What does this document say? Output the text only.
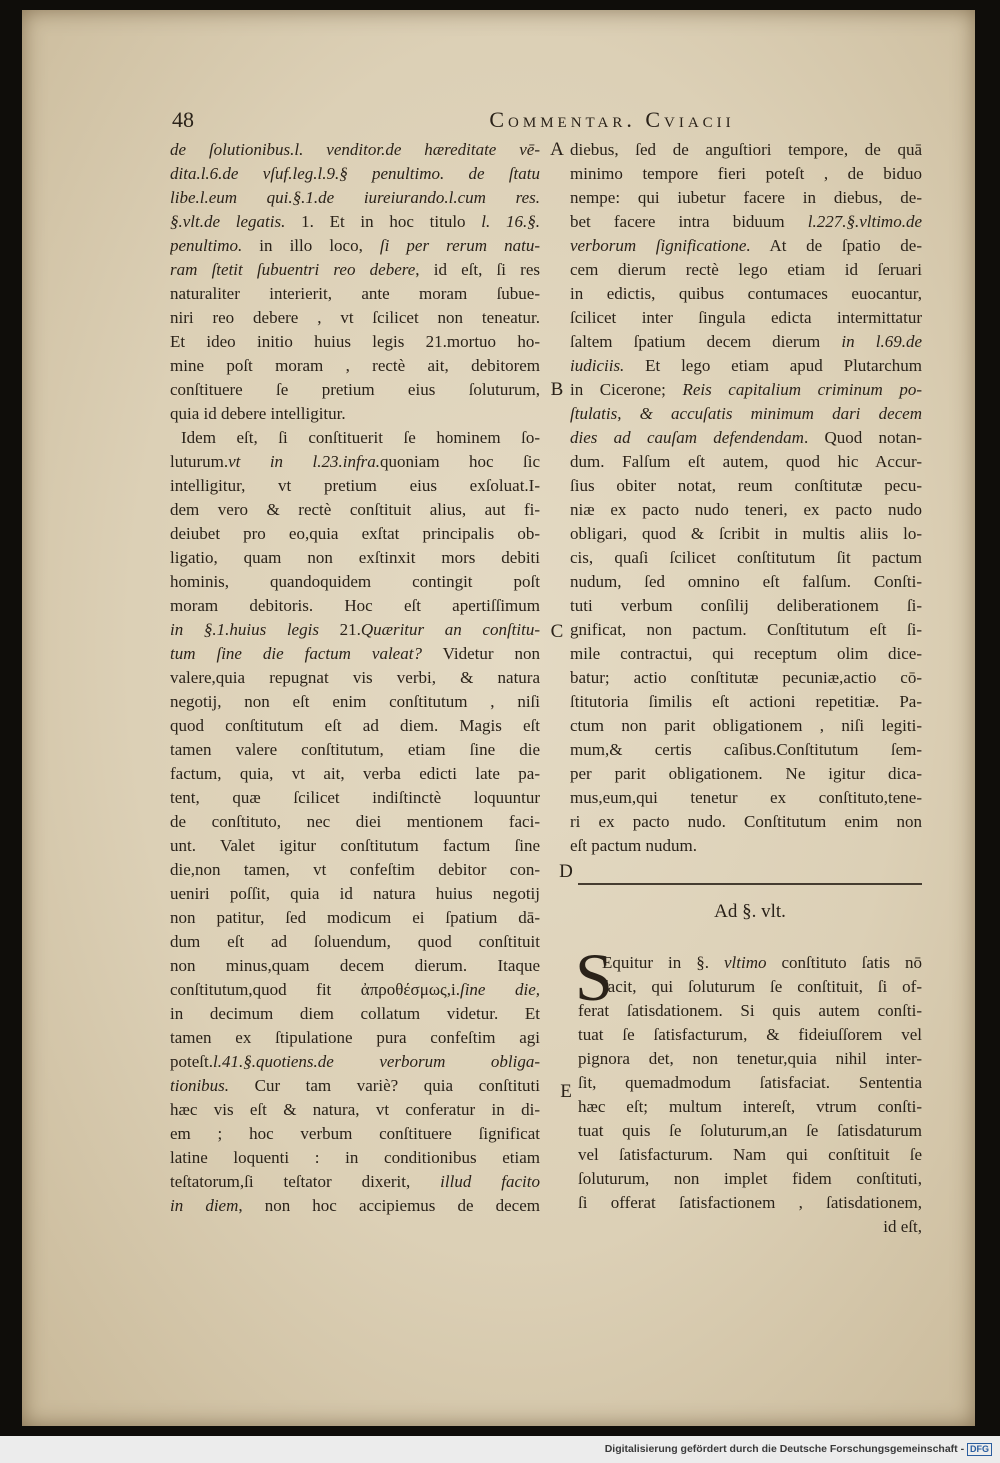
48	Commentar. Cviacii
de ſolutionibus.l. venditor.de hæreditate vē-
dita.l.6.de vſuf.leg.l.9.§ penultimo. de ſtatu
libe.l.eum qui.§.1.de iureiurando.l.cum res.
§.vlt.de legatis. 1. Et in hoc titulo l. 16.§.
penultimo. in illo loco, ſi per rerum natu-
ram ſtetit ſubuentri reo debere, id eſt, ſi res
naturaliter interierit, ante moram ſubue-
niri reo debere , vt ſcilicet non teneatur.
Et ideo initio huius legis 21.mortuo ho-
mine poſt moram , rectè ait, debitorem
conſtituere ſe pretium eius ſoluturum,
quia id debere intelligitur.
Idem eſt, ſi conſtituerit ſe hominem ſo-
luturum.vt in l.23.infra.quoniam hoc ſic
intelligitur, vt pretium eius exſoluat.I-
dem vero & rectè conſtituit alius, aut fi-
deiubet pro eo,quia exſtat principalis ob-
ligatio, quam non exſtinxit mors debiti
hominis, quandoquidem contingit poſt
moram debitoris. Hoc eſt apertiſſimum
in §.1.huius legis 21.Quæritur an conſtitu-
tum ſine die factum valeat? Videtur non
valere,quia repugnat vis verbi, & natura
negotij, non eſt enim conſtitutum , niſi
quod conſtitutum eſt ad diem. Magis eſt
tamen valere conſtitutum, etiam ſine die
factum, quia, vt ait, verba edicti late pa-
tent, quæ ſcilicet indiſtinctè loquuntur
de conſtituto, nec diei mentionem faci-
unt. Valet igitur conſtitutum factum ſine
die,non tamen, vt confeſtim debitor con-
ueniri poſſit, quia id natura huius negotij
non patitur, ſed modicum ei ſpatium dā-
dum eſt ad ſoluendum, quod conſtituit
non minus,quam decem dierum. Itaque
conſtitutum,quod fit ἀπροθέσμως,i.ſine die,
in decimum diem collatum videtur. Et
tamen ex ſtipulatione pura confeſtim agi
poteſt.l.41.§.quotiens.de verborum obliga-
tionibus. Cur tam variè? quia conſtituti
hæc vis eſt & natura, vt conferatur in di-
em ; hoc verbum conſtituere ſignificat
latine loquenti : in conditionibus etiam
teſtatorum,ſi teſtator dixerit, illud facito
in diem, non hoc accipiemus de decem
diebus, ſed de anguſtiori tempore, de quā
minimo tempore fieri poteſt , de biduo
nempe: qui iubetur facere in diebus, de-
bet facere intra biduum l.227.§.vltimo.de
verborum ſignificatione. At de ſpatio de-
cem dierum rectè lego etiam id ſeruari
in edictis, quibus contumaces euocantur,
ſcilicet inter ſingula edicta intermittatur
ſaltem ſpatium decem dierum in l.69.de
iudiciis. Et lego etiam apud Plutarchum
in Cicerone; Reis capitalium criminum po-
ſtulatis, & accuſatis minimum dari decem
dies ad cauſam defendendam. Quod notan-
dum. Falſum eſt autem, quod hic Accur-
ſius obiter notat, reum conſtitutæ pecu-
niæ ex pacto nudo teneri, ex pacto nudo
obligari, quod & ſcribit in multis aliis lo-
cis, quaſi ſcilicet conſtitutum ſit pactum
nudum, ſed omnino eſt falſum. Conſti-
tuti verbum conſilij deliberationem ſi-
gnificat, non pactum. Conſtitutum eſt ſi-
mile contractui, qui receptum olim dice-
batur; actio conſtitutæ pecuniæ,actio cō-
ſtitutoria ſimilis eſt actioni repetitiæ. Pa-
ctum non parit obligationem , niſi legiti-
mum,& certis caſibus.Conſtitutum ſem-
per parit obligationem. Ne igitur dica-
mus,eum,qui tenetur ex conſtituto,tene-
ri ex pacto nudo. Conſtitutum enim non
eſt pactum nudum.
A
B
C
D
E
Ad §. vlt.
S
Equitur in §. vltimo conſtituto ſatis nō
facit, qui ſoluturum ſe conſtituit, ſi of-
ferat ſatisdationem. Si quis autem conſti-
tuat ſe ſatisfacturum, & fideiuſſorem vel
pignora det, non tenetur,quia nihil inter-
ſit, quemadmodum ſatisfaciat. Sententia
hæc eſt; multum intereſt, vtrum conſti-
tuat quis ſe ſoluturum,an ſe ſatisdaturum
vel ſatisfacturum. Nam qui conſtituit ſe
ſoluturum, non implet fidem conſtituti,
ſi offerat ſatisfactionem , ſatisdationem,
id eſt,
Digitalisierung gefördert durch die Deutsche Forschungsgemeinschaft - DFG
